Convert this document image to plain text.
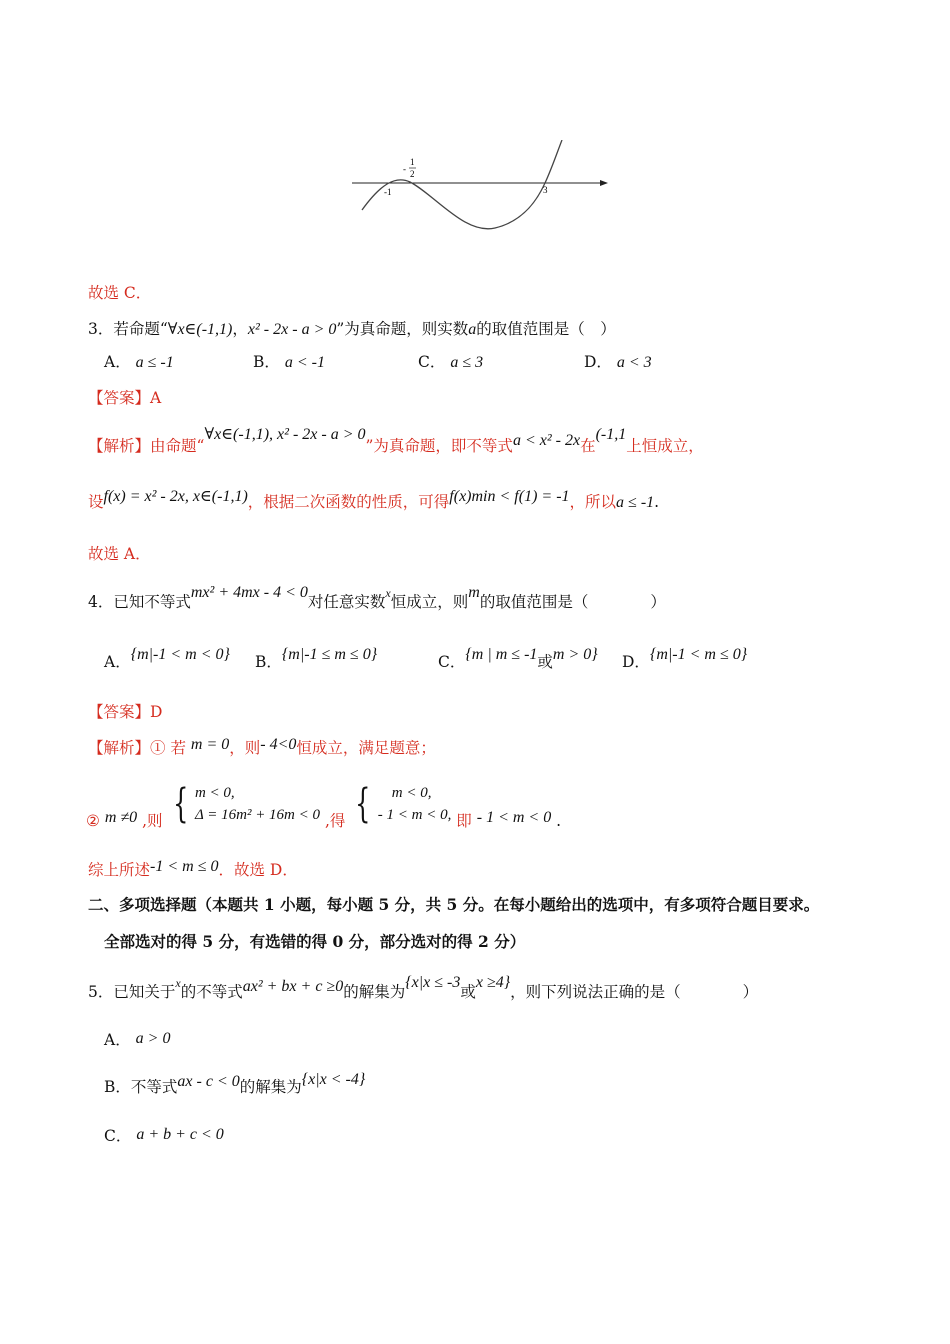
-
1
2
-1	3
故选 C．
3．若命题“∀x∈(-1,1)，x² - 2x - a > 0”为真命题，则实数a的取值范围是（　）
A． a ≤ -1	B． a < -1	C． a ≤ 3	D． a < 3
【答案】A
【解析】由命题“∀x∈(-1,1), x² - 2x - a > 0”为真命题，即不等式a < x² - 2x在(-1,1上恒成立，
设f(x) = x² - 2x, x∈(-1,1)，根据二次函数的性质，可得f(x)min < f(1) = -1，所以a ≤ -1.
故选 A．
4．已知不等式mx² + 4mx - 4 < 0对任意实数$^x$恒成立，则m的取值范围是（　　　　）
A．{m|-1 < m < 0} B．{m|-1 ≤ m ≤ 0}	C．{m | m ≤ -1或m > 0} D．{m|-1 < m ≤ 0}
【答案】D
【解析】① 若 m = 0，则- 4<0恒成立，满足题意；
② m ≠0 ,则 { m < 0,
Δ = 16m² + 16m < 0 ,得 {	m < 0,
- 1 < m < 0, 即 - 1 < m < 0 .
综上所述-1 < m ≤ 0．故选 D．
二、多项选择题（本题共 1 小题，每小题 5 分，共 5 分。在每小题给出的选项中，有多项符合题目要求。
全部选对的得 5 分，有选错的得 0 分，部分选对的得 2 分）
5．已知关于$^x$的不等式ax² + bx + c ≥0的解集为{x|x ≤ -3或x ≥4}，则下列说法正确的是（　　　　）
A． a > 0
B．不等式ax - c < 0的解集为{x|x < -4}
C． a + b + c < 0
